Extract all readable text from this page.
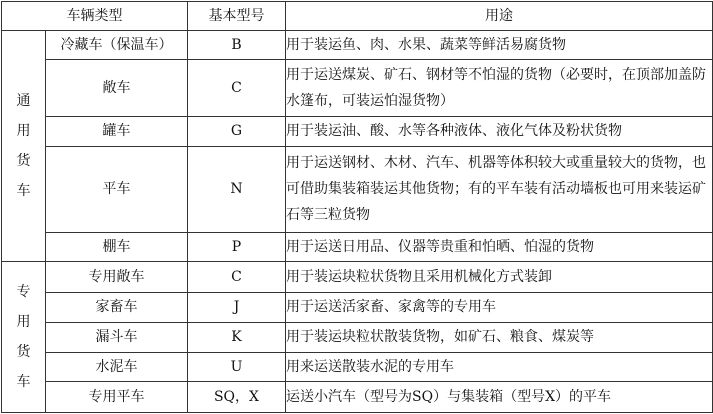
车辆类型		基本型号	用途
通用货车	冷藏车（保温车）	B	用于装运鱼、肉、水果、蔬菜等鲜活易腐货物
	敞车	C	用于运送煤炭、矿石、钢材等不怕湿的货物（必要时，在顶部加盖防水篷布，可装运怕湿货物）
	罐车	G	用于装运油、酸、水等各种液体、液化气体及粉状货物
	平车	N	用于运送钢材、木材、汽车、机器等体积较大或重量较大的货物，也可借助集装箱装运其他货物；有的平车装有活动墙板也可用来装运矿石等三粒货物
	棚车	P	用于运送日用品、仪器等贵重和怕晒、怕湿的货物
专用货车	专用敞车	C	用于装运块粒状货物且采用机械化方式装卸
	家畜车	J	用于运送活家畜、家禽等的专用车
	漏斗车	K	用于装运块粒状散装货物，如矿石、粮食、煤炭等
	水泥车	U	用来运送散装水泥的专用车
	专用平车	SQ，X	运送小汽车（型号为SQ）与集装箱（型号X）的平车
